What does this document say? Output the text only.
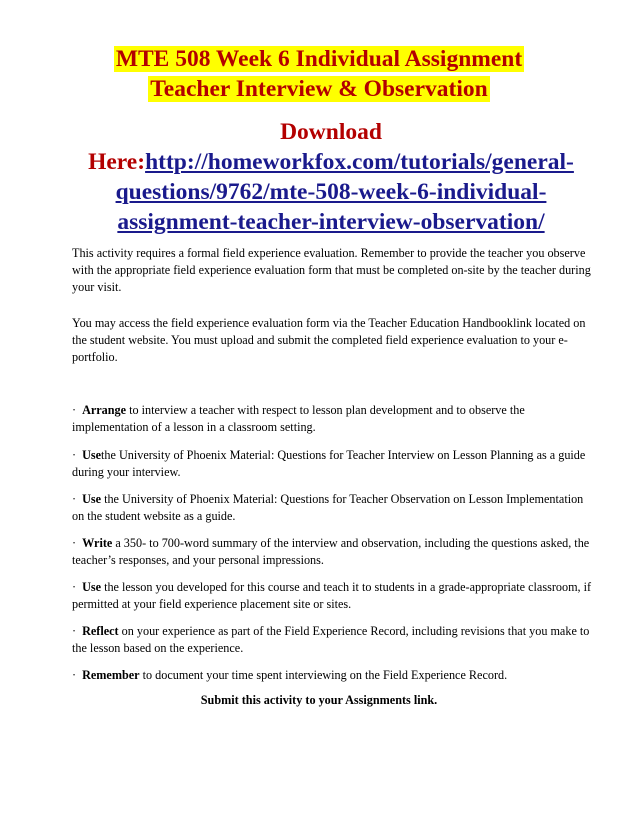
MTE 508 Week 6 Individual Assignment
Teacher Interview & Observation
Download Here:http://homeworkfox.com/tutorials/general-questions/9762/mte-508-week-6-individual-assignment-teacher-interview-observation/
This activity requires a formal field experience evaluation. Remember to provide the teacher you observe with the appropriate field experience evaluation form that must be completed on-site by the teacher during your visit.
You may access the field experience evaluation form via the Teacher Education Handbooklink located on the student website. You must upload and submit the completed field experience evaluation to your e-portfolio.
· Arrange to interview a teacher with respect to lesson plan development and to observe the implementation of a lesson in a classroom setting.
· Usethe University of Phoenix Material: Questions for Teacher Interview on Lesson Planning as a guide during your interview.
· Use the University of Phoenix Material: Questions for Teacher Observation on Lesson Implementation on the student website as a guide.
· Write a 350- to 700-word summary of the interview and observation, including the questions asked, the teacher’s responses, and your personal impressions.
· Use the lesson you developed for this course and teach it to students in a grade-appropriate classroom, if permitted at your field experience placement site or sites.
· Reflect on your experience as part of the Field Experience Record, including revisions that you make to the lesson based on the experience.
· Remember to document your time spent interviewing on the Field Experience Record.
Submit this activity to your Assignments link.
